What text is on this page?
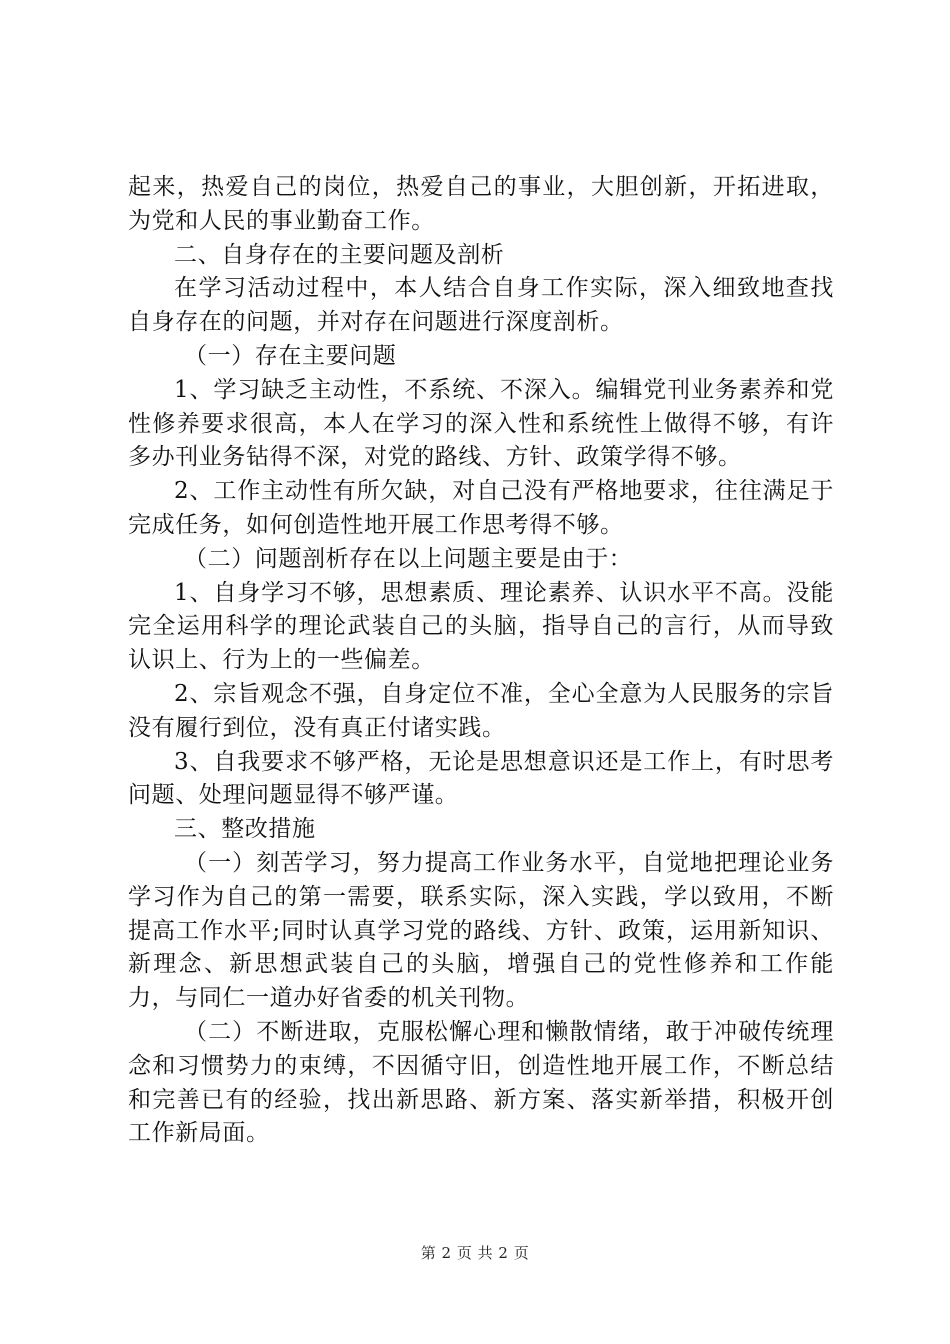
起来，热爱自己的岗位，热爱自己的事业，大胆创新，开拓进取，为党和人民的事业勤奋工作。

二、自身存在的主要问题及剖析

在学习活动过程中，本人结合自身工作实际，深入细致地查找自身存在的问题，并对存在问题进行深度剖析。

（一）存在主要问题

1、学习缺乏主动性，不系统、不深入。编辑党刊业务素养和党性修养要求很高，本人在学习的深入性和系统性上做得不够，有许多办刊业务钻得不深，对党的路线、方针、政策学得不够。

2、工作主动性有所欠缺，对自己没有严格地要求，往往满足于完成任务，如何创造性地开展工作思考得不够。

（二）问题剖析存在以上问题主要是由于：

1、自身学习不够，思想素质、理论素养、认识水平不高。没能完全运用科学的理论武装自己的头脑，指导自己的言行，从而导致认识上、行为上的一些偏差。

2、宗旨观念不强，自身定位不准，全心全意为人民服务的宗旨没有履行到位，没有真正付诸实践。

3、自我要求不够严格，无论是思想意识还是工作上，有时思考问题、处理问题显得不够严谨。

三、整改措施

（一）刻苦学习，努力提高工作业务水平，自觉地把理论业务学习作为自己的第一需要，联系实际，深入实践，学以致用，不断提高工作水平;同时认真学习党的路线、方针、政策，运用新知识、新理念、新思想武装自己的头脑，增强自己的党性修养和工作能力，与同仁一道办好省委的机关刊物。

（二）不断进取，克服松懈心理和懒散情绪，敢于冲破传统理念和习惯势力的束缚，不因循守旧，创造性地开展工作，不断总结和完善已有的经验，找出新思路、新方案、落实新举措，积极开创工作新局面。

第 2 页 共 2 页
